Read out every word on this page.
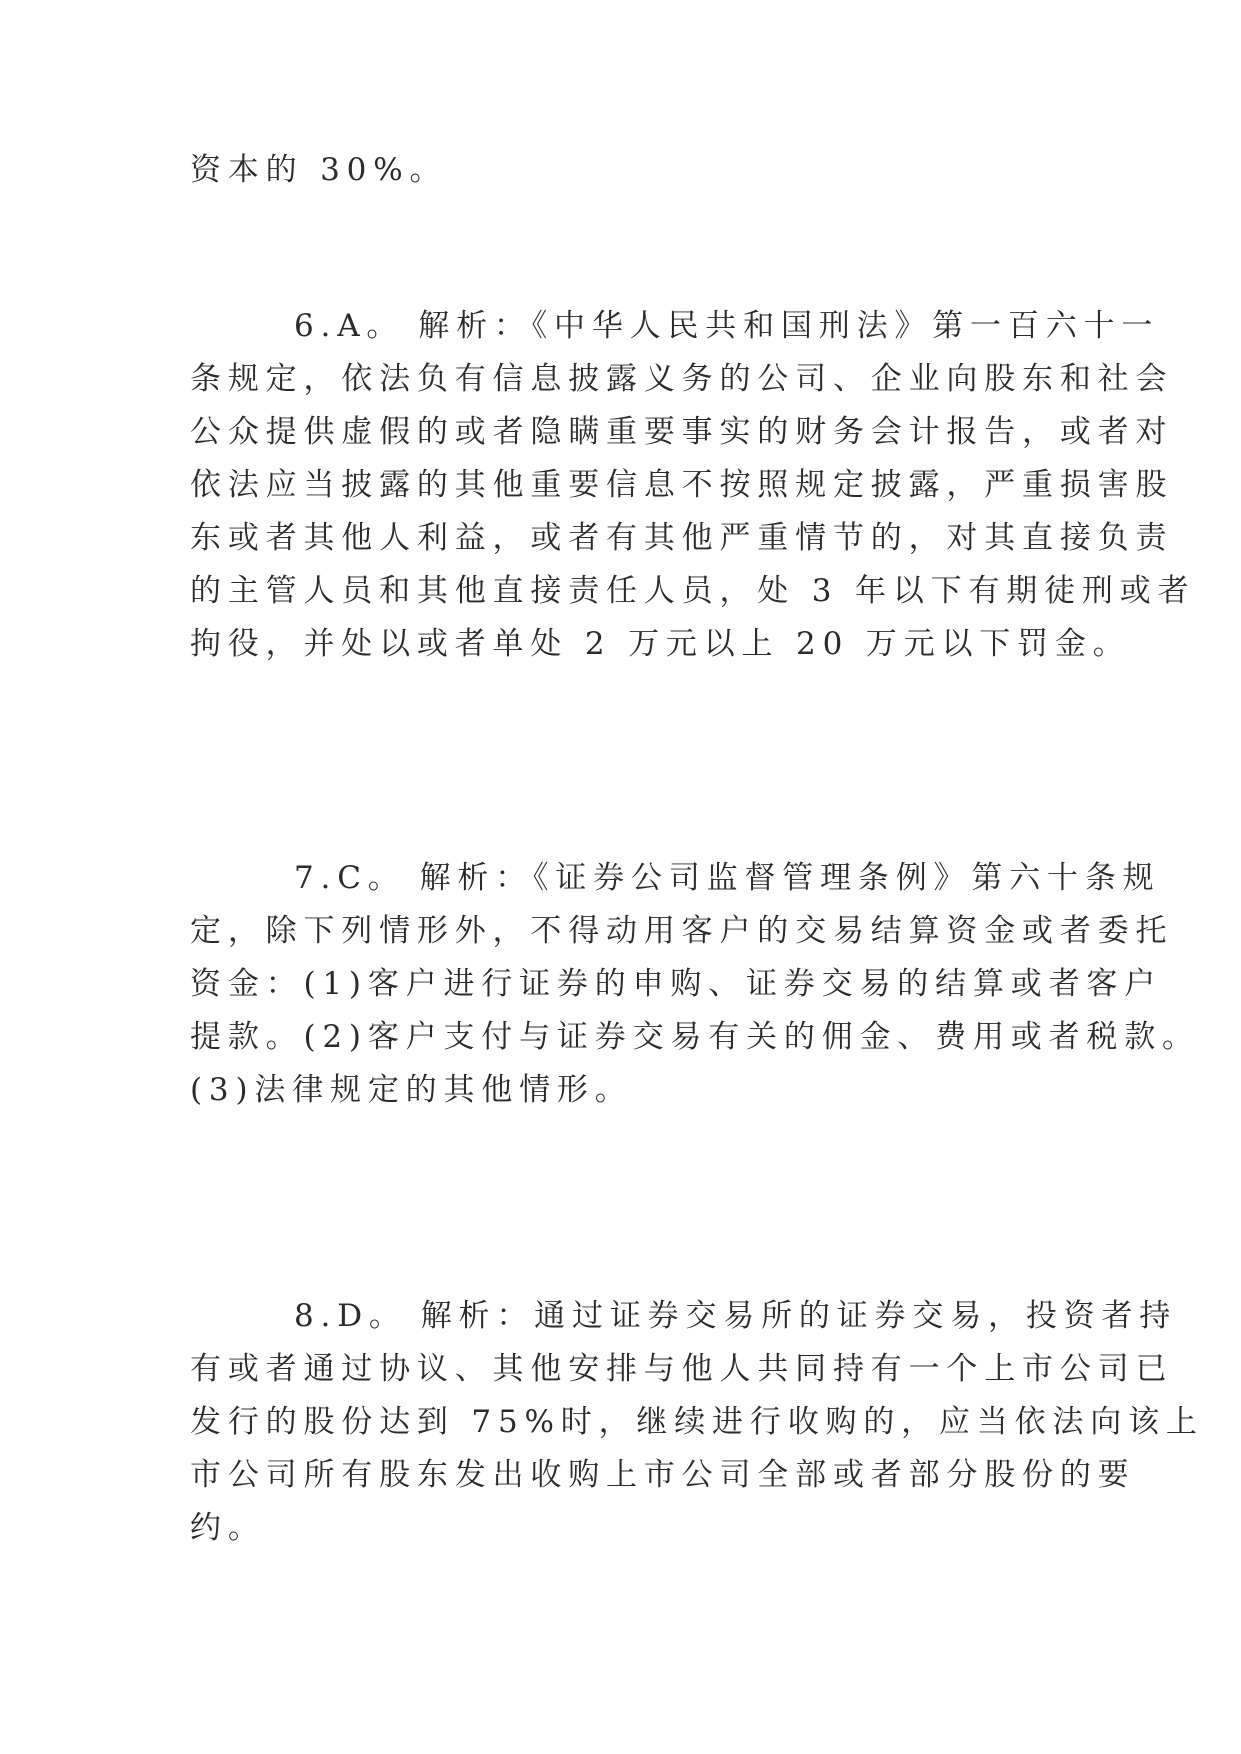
资本的 30%。
6.A。 解析：《中华人民共和国刑法》第一百六十一
条规定，依法负有信息披露义务的公司、企业向股东和社会
公众提供虚假的或者隐瞒重要事实的财务会计报告，或者对
依法应当披露的其他重要信息不按照规定披露，严重损害股
东或者其他人利益，或者有其他严重情节的，对其直接负责
的主管人员和其他直接责任人员，处 3 年以下有期徒刑或者
拘役，并处以或者单处 2 万元以上 20 万元以下罚金。
7.C。 解析：《证券公司监督管理条例》第六十条规
定，除下列情形外，不得动用客户的交易结算资金或者委托
资金：(1)客户进行证券的申购、证券交易的结算或者客户
提款。(2)客户支付与证券交易有关的佣金、费用或者税款。
(3)法律规定的其他情形。
8.D。 解析：通过证券交易所的证券交易，投资者持
有或者通过协议、其他安排与他人共同持有一个上市公司已
发行的股份达到 75%时，继续进行收购的，应当依法向该上
市公司所有股东发出收购上市公司全部或者部分股份的要
约。
